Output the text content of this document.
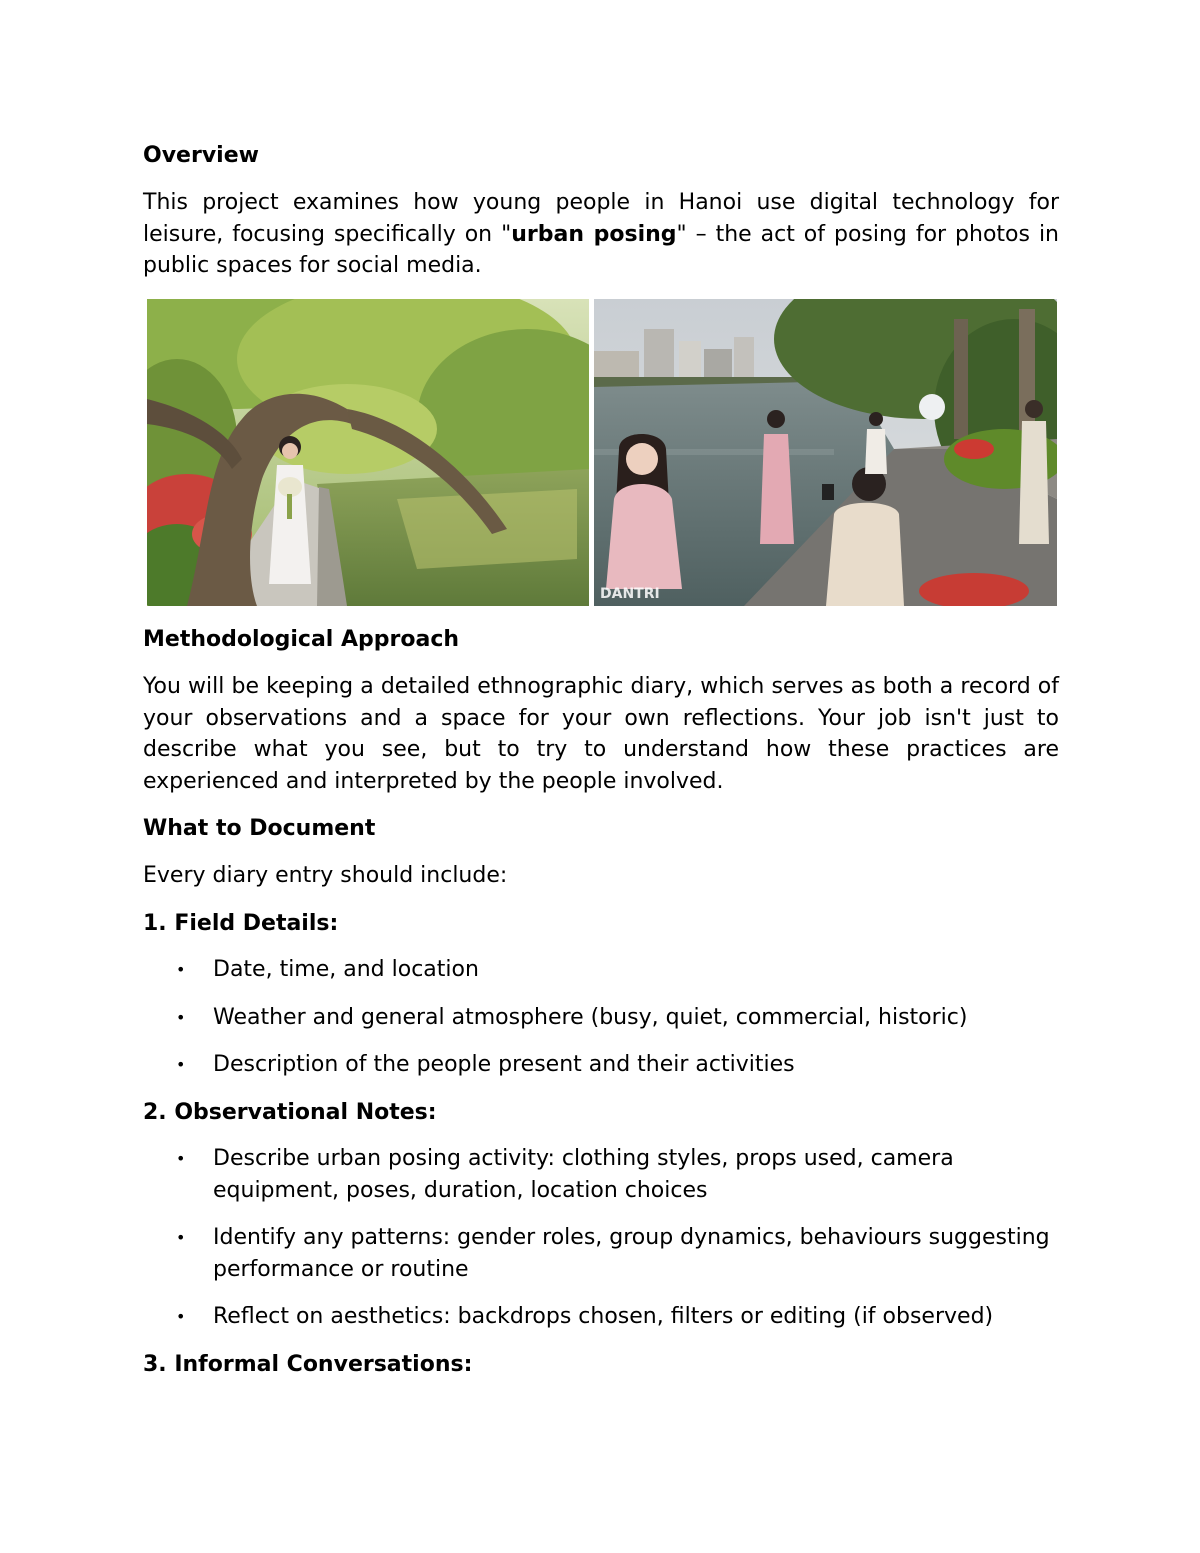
Overview
This project examines how young people in Hanoi use digital technology for leisure, focusing specifically on "urban posing" – the act of posing for photos in public spaces for social media.
DANTRI
Methodological Approach
You will be keeping a detailed ethnographic diary, which serves as both a record of your observations and a space for your own reflections. Your job isn't just to describe what you see, but to try to understand how these practices are experienced and interpreted by the people involved.
What to Document
Every diary entry should include:
1. Field Details:
• Date, time, and location
• Weather and general atmosphere (busy, quiet, commercial, historic)
• Description of the people present and their activities
2. Observational Notes:
• Describe urban posing activity: clothing styles, props used, camera equipment, poses, duration, location choices
• Identify any patterns: gender roles, group dynamics, behaviours suggesting performance or routine
• Reflect on aesthetics: backdrops chosen, filters or editing (if observed)
3. Informal Conversations:
